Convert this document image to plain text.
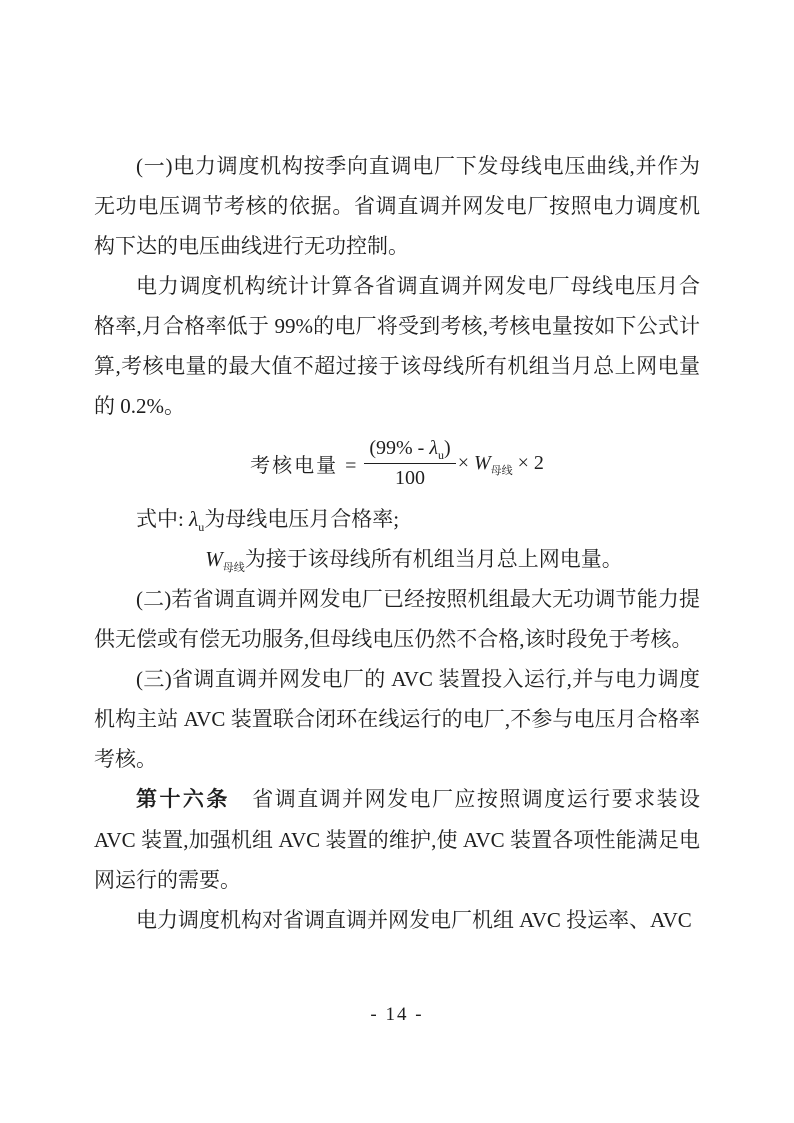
(一)电力调度机构按季向直调电厂下发母线电压曲线,并作为无功电压调节考核的依据。省调直调并网发电厂按照电力调度机构下达的电压曲线进行无功控制。

电力调度机构统计计算各省调直调并网发电厂母线电压月合格率,月合格率低于 99%的电厂将受到考核,考核电量按如下公式计算,考核电量的最大值不超过接于该母线所有机组当月总上网电量的 0.2%。

考核电量 = $\frac{(99\% - \lambda_u)}{100} \times W_{母线} \times 2$

式中: $\lambda_u$为母线电压月合格率;

$W_{母线}$为接于该母线所有机组当月总上网电量。

(二)若省调直调并网发电厂已经按照机组最大无功调节能力提供无偿或有偿无功服务,但母线电压仍然不合格,该时段免于考核。

(三)省调直调并网发电厂的 AVC 装置投入运行,并与电力调度机构主站 AVC 装置联合闭环在线运行的电厂,不参与电压月合格率考核。

第十六条　省调直调并网发电厂应按照调度运行要求装设 AVC 装置,加强机组 AVC 装置的维护,使 AVC 装置各项性能满足电网运行的需要。

电力调度机构对省调直调并网发电厂机组 AVC 投运率、AVC

- 14 -
